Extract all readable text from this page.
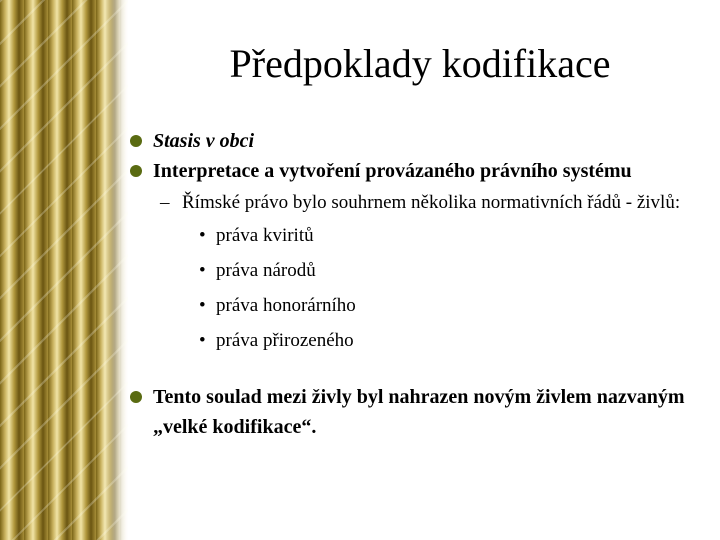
Předpoklady kodifikace
Stasis v obci
Interpretace a vytvoření provázaného právního systému
– Římské právo bylo souhrnem několika normativních řádů - živlů:
• práva kviritů
• práva národů
• práva honorárního
• práva přirozeného
Tento soulad mezi živly byl nahrazen novým živlem nazvaným „velké kodifikace“.
